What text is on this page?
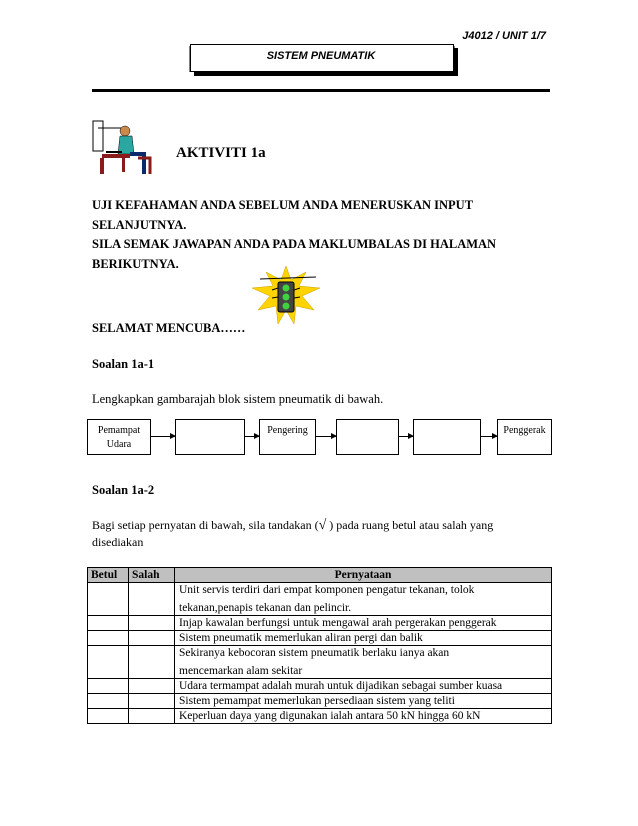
J4012 / UNIT 1/7
SISTEM PNEUMATIK
AKTIVITI 1a
UJI KEFAHAMAN ANDA SEBELUM ANDA MENERUSKAN INPUT
SELANJUTNYA.
SILA SEMAK JAWAPAN ANDA PADA MAKLUMBALAS DI HALAMAN
BERIKUTNYA.
SELAMAT MENCUBA……
Soalan 1a-1
Lengkapkan gambarajah blok sistem pneumatik di bawah.
Pemampat
Udara
Pengering	Penggerak
Soalan 1a-2
Bagi setiap pernyatan di bawah, sila tandakan (√ ) pada ruang betul atau salah yang
disediakan
Betul	Salah	Pernyataan

		Unit servis terdiri dari empat komponen pengatur tekanan, tolok
tekanan,penapis tekanan dan pelincir.

		Injap kawalan berfungsi untuk mengawal arah pergerakan penggerak

		Sistem pneumatik memerlukan aliran pergi dan balik

		Sekiranya kebocoran sistem pneumatik berlaku ianya akan
mencemarkan alam sekitar

		Udara termampat adalah murah untuk dijadikan sebagai sumber kuasa

		Sistem pemampat memerlukan persediaan sistem yang teliti

		Keperluan daya yang digunakan ialah antara 50 kN hingga 60 kN
